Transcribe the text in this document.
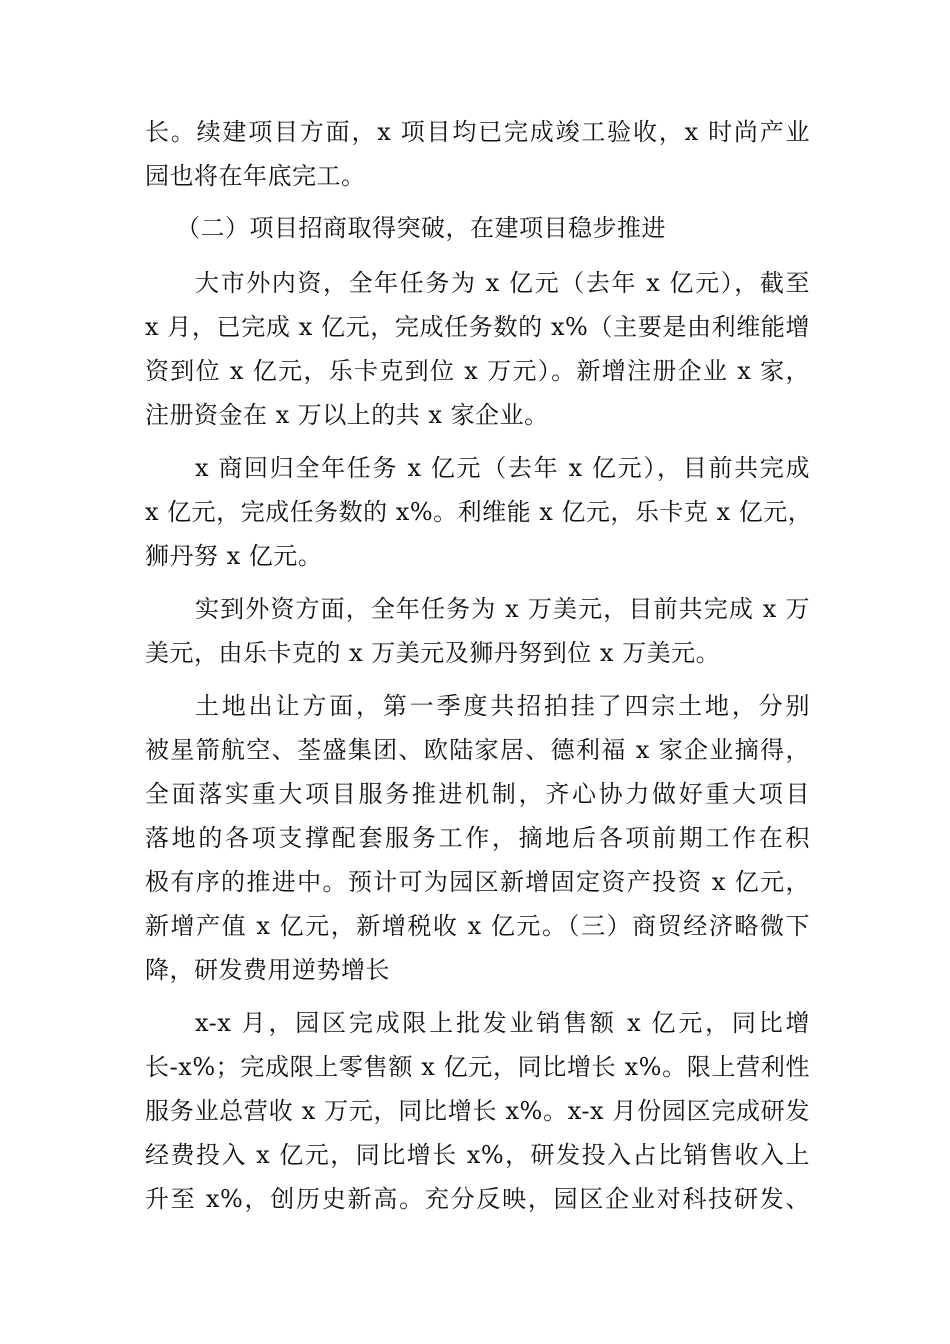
长。续建项目方面，x 项目均已完成竣工验收，x 时尚产业
园也将在年底完工。
（二）项目招商取得突破，在建项目稳步推进
大市外内资，全年任务为 x 亿元（去年 x 亿元），截至
x 月，已完成 x 亿元，完成任务数的 x%（主要是由利维能增
资到位 x 亿元，乐卡克到位 x 万元）。新增注册企业 x 家，
注册资金在 x 万以上的共 x 家企业。
x 商回归全年任务 x 亿元（去年 x 亿元），目前共完成
x 亿元，完成任务数的 x%。利维能 x 亿元，乐卡克 x 亿元，
狮丹努 x 亿元。
实到外资方面，全年任务为 x 万美元，目前共完成 x 万
美元，由乐卡克的 x 万美元及狮丹努到位 x 万美元。
土地出让方面，第一季度共招拍挂了四宗土地，分别
被星箭航空、荃盛集团、欧陆家居、德利福 x 家企业摘得，
全面落实重大项目服务推进机制，齐心协力做好重大项目
落地的各项支撑配套服务工作，摘地后各项前期工作在积
极有序的推进中。预计可为园区新增固定资产投资 x 亿元，
新增产值 x 亿元，新增税收 x 亿元。（三）商贸经济略微下
降，研发费用逆势增长
x-x 月，园区完成限上批发业销售额 x 亿元，同比增
长-x%；完成限上零售额 x 亿元，同比增长 x%。限上营利性
服务业总营收 x 万元，同比增长 x%。x-x 月份园区完成研发
经费投入 x 亿元，同比增长 x%，研发投入占比销售收入上
升至 x%，创历史新高。充分反映，园区企业对科技研发、
